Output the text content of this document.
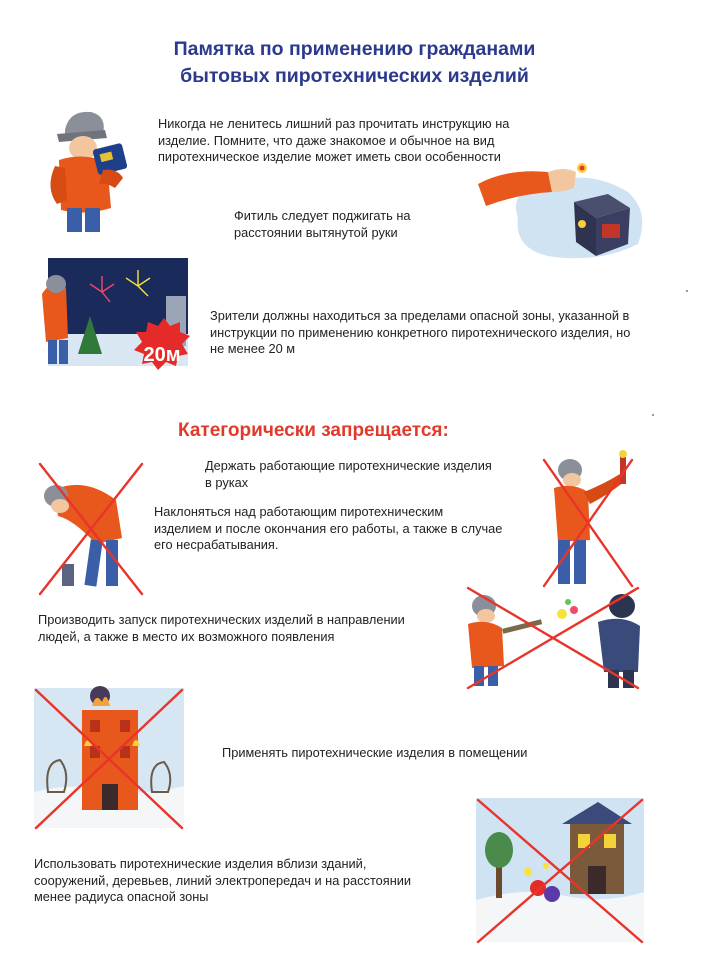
Памятка по применению гражданами
бытовых пиротехнических изделий
Никогда не ленитесь лишний раз прочитать инструкцию на
изделие. Помните, что даже знакомое и обычное на вид
пиротехническое изделие может иметь свои особенности
Фитиль следует поджигать на
расстоянии вытянутой руки
20м
Зрители должны находиться за пределами опасной зоны, указанной в
инструкции по применению конкретного пиротехнического изделия, но
не менее 20 м
Категорически запрещается:
Держать работающие пиротехнические изделия
в руках
Наклоняться над работающим пиротехническим
изделием и после окончания его работы, а также в случае
его несрабатывания.
Производить запуск пиротехнических изделий в направлении
людей, а также в место их возможного появления
Применять пиротехнические изделия в помещении
Использовать пиротехнические изделия вблизи зданий,
сооружений, деревьев, линий электропередач и на расстоянии
менее радиуса опасной зоны
